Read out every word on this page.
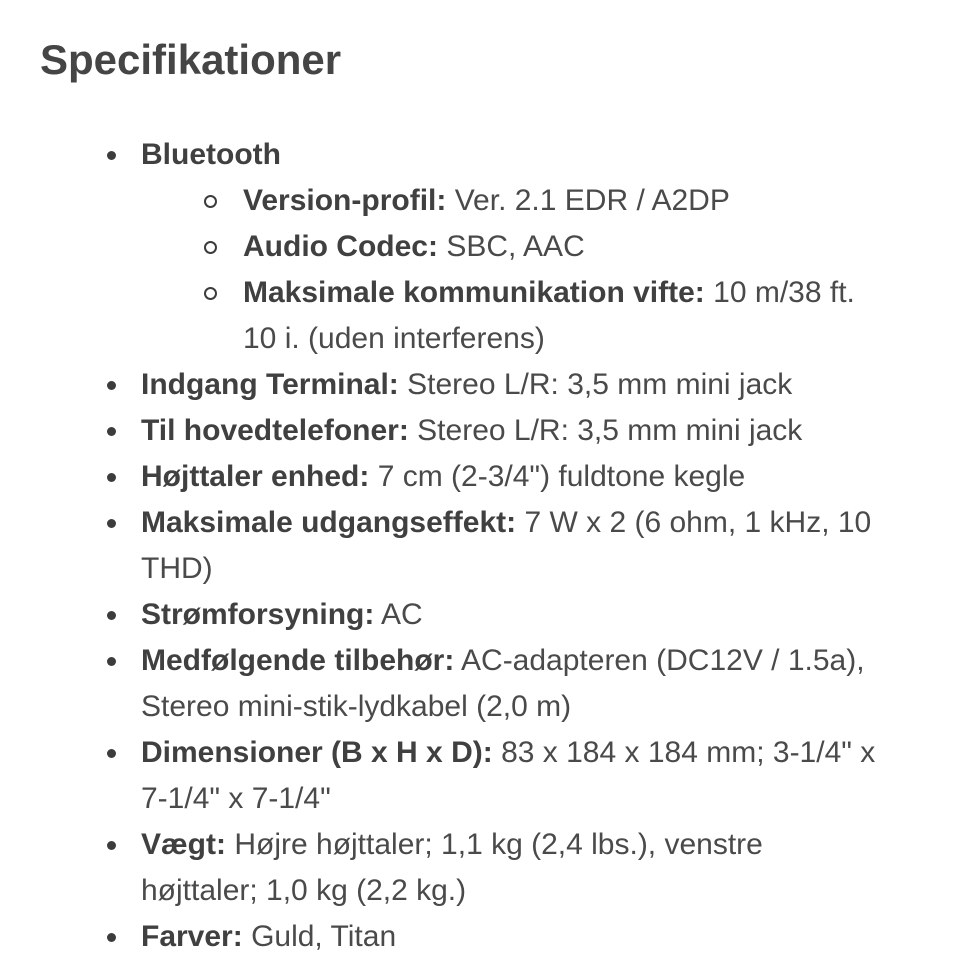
Specifikationer
Bluetooth
Version-profil: Ver. 2.1 EDR / A2DP
Audio Codec: SBC, AAC
Maksimale kommunikation vifte: 10 m/38 ft. 10 i. (uden interferens)
Indgang Terminal: Stereo L/R: 3,5 mm mini jack
Til hovedtelefoner: Stereo L/R: 3,5 mm mini jack
Højttaler enhed: 7 cm (2-3/4") fuldtone kegle
Maksimale udgangseffekt: 7 W x 2 (6 ohm, 1 kHz, 10 THD)
Strømforsyning: AC
Medfølgende tilbehør: AC-adapteren (DC12V / 1.5a), Stereo mini-stik-lydkabel (2,0 m)
Dimensioner (B x H x D): 83 x 184 x 184 mm; 3-1/4" x 7-1/4" x 7-1/4"
Vægt: Højre højttaler; 1,1 kg (2,4 lbs.), venstre højttaler; 1,0 kg (2,2 kg.)
Farver: Guld, Titan
